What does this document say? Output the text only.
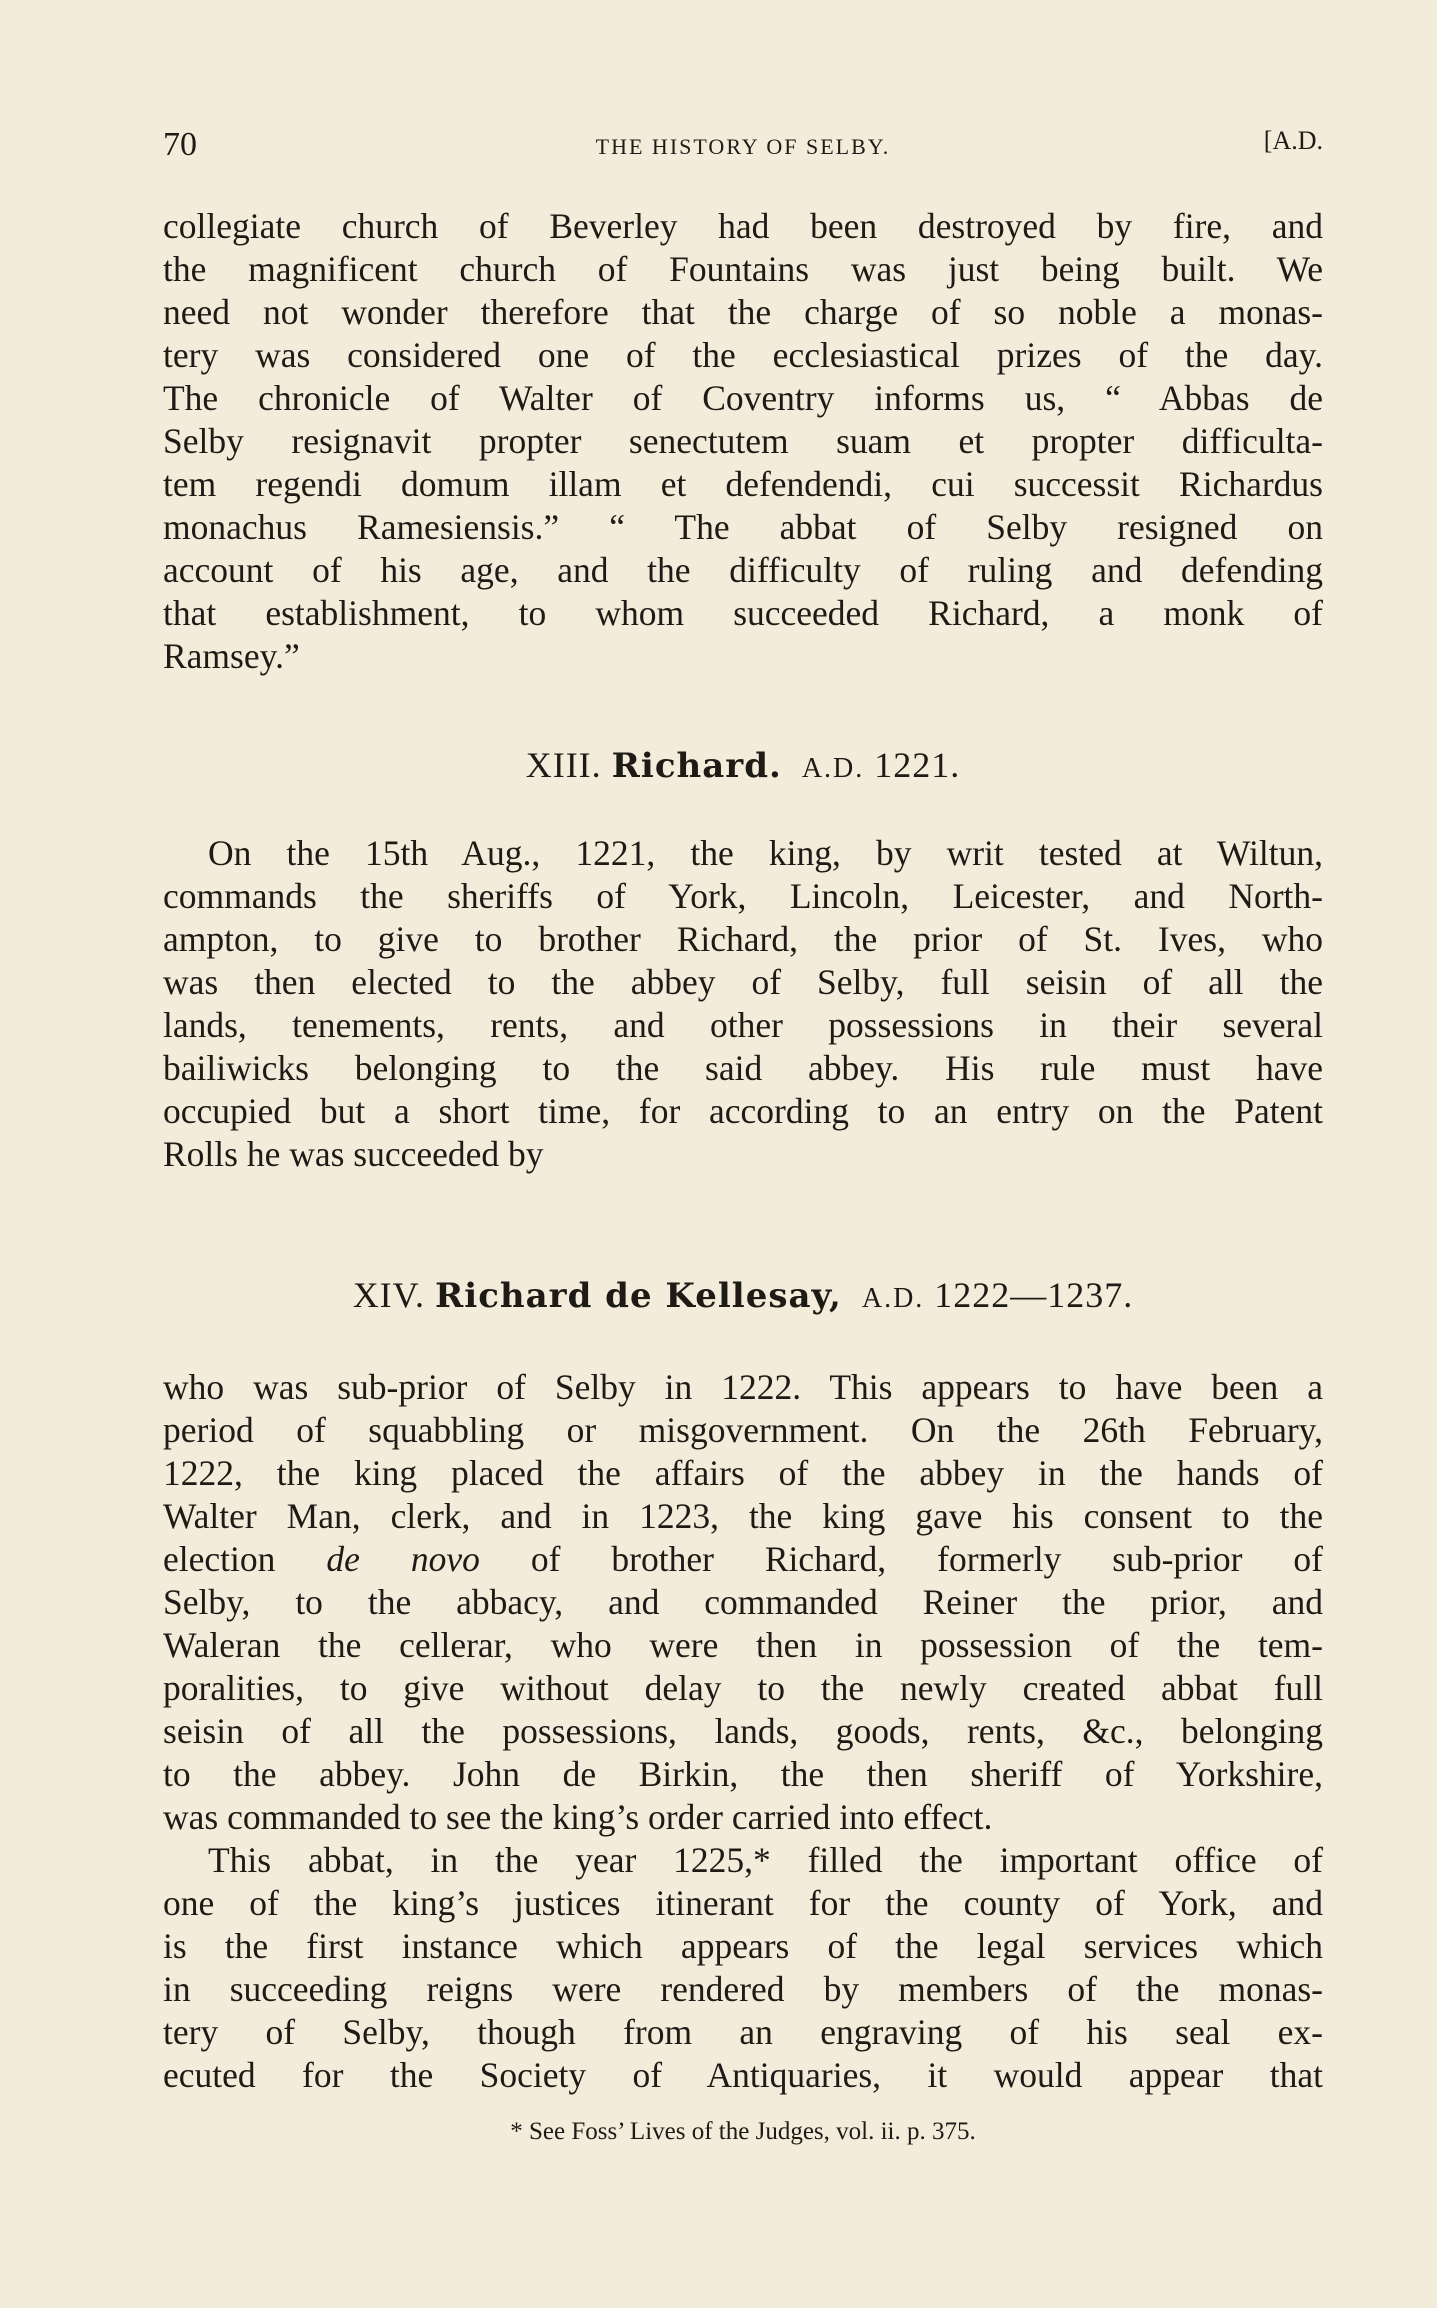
70	THE HISTORY OF SELBY.	[A.D.

collegiate church of Beverley had been destroyed by fire, and
the magnificent church of Fountains was just being built. We
need not wonder therefore that the charge of so noble a monas-
tery was considered one of the ecclesiastical prizes of the day.
The chronicle of Walter of Coventry informs us, “ Abbas de
Selby resignavit propter senectutem suam et propter difficulta-
tem regendi domum illam et defendendi, cui successit Richardus
monachus Ramesiensis.” “ The abbat of Selby resigned on
account of his age, and the difficulty of ruling and defending
that establishment, to whom succeeded Richard, a monk of
Ramsey.”

XIII. Richard. A.D. 1221.

On the 15th Aug., 1221, the king, by writ tested at Wiltun,
commands the sheriffs of York, Lincoln, Leicester, and North-
ampton, to give to brother Richard, the prior of St. Ives, who
was then elected to the abbey of Selby, full seisin of all the
lands, tenements, rents, and other possessions in their several
bailiwicks belonging to the said abbey. His rule must have
occupied but a short time, for according to an entry on the Patent
Rolls he was succeeded by

XIV. Richard de Kellesay, A.D. 1222—1237.

who was sub-prior of Selby in 1222. This appears to have been a
period of squabbling or misgovernment. On the 26th February,
1222, the king placed the affairs of the abbey in the hands of
Walter Man, clerk, and in 1223, the king gave his consent to the
election de novo of brother Richard, formerly sub-prior of
Selby, to the abbacy, and commanded Reiner the prior, and
Waleran the cellerar, who were then in possession of the tem-
poralities, to give without delay to the newly created abbat full
seisin of all the possessions, lands, goods, rents, &c., belonging
to the abbey. John de Birkin, the then sheriff of Yorkshire,
was commanded to see the king’s order carried into effect.

This abbat, in the year 1225,* filled the important office of
one of the king’s justices itinerant for the county of York, and
is the first instance which appears of the legal services which
in succeeding reigns were rendered by members of the monas-
tery of Selby, though from an engraving of his seal ex-
ecuted for the Society of Antiquaries, it would appear that

* See Foss’ Lives of the Judges, vol. ii. p. 375.
